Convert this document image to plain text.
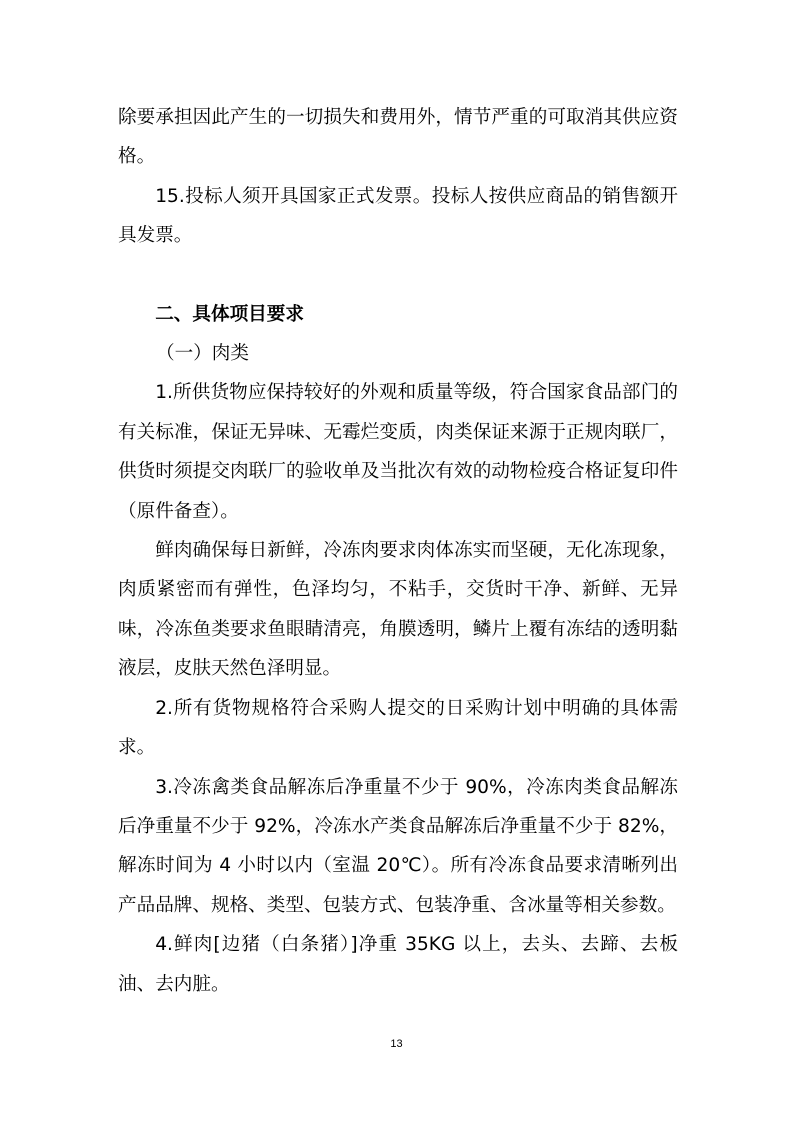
除要承担因此产生的一切损失和费用外，情节严重的可取消其供应资格。

15.投标人须开具国家正式发票。投标人按供应商品的销售额开具发票。

二、具体项目要求

（一）肉类

1.所供货物应保持较好的外观和质量等级，符合国家食品部门的有关标准，保证无异味、无霉烂变质，肉类保证来源于正规肉联厂，供货时须提交肉联厂的验收单及当批次有效的动物检疫合格证复印件（原件备查）。

鲜肉确保每日新鲜，冷冻肉要求肉体冻实而坚硬，无化冻现象，肉质紧密而有弹性，色泽均匀，不粘手，交货时干净、新鲜、无异味，冷冻鱼类要求鱼眼睛清亮，角膜透明，鳞片上覆有冻结的透明黏液层，皮肤天然色泽明显。

2.所有货物规格符合采购人提交的日采购计划中明确的具体需求。

3.冷冻禽类食品解冻后净重量不少于 90%，冷冻肉类食品解冻后净重量不少于 92%，冷冻水产类食品解冻后净重量不少于 82%，解冻时间为 4 小时以内（室温 20℃）。所有冷冻食品要求清晰列出产品品牌、规格、类型、包装方式、包装净重、含冰量等相关参数。

4.鲜肉[边猪（白条猪）]净重 35KG 以上，去头、去蹄、去板油、去内脏。

13
